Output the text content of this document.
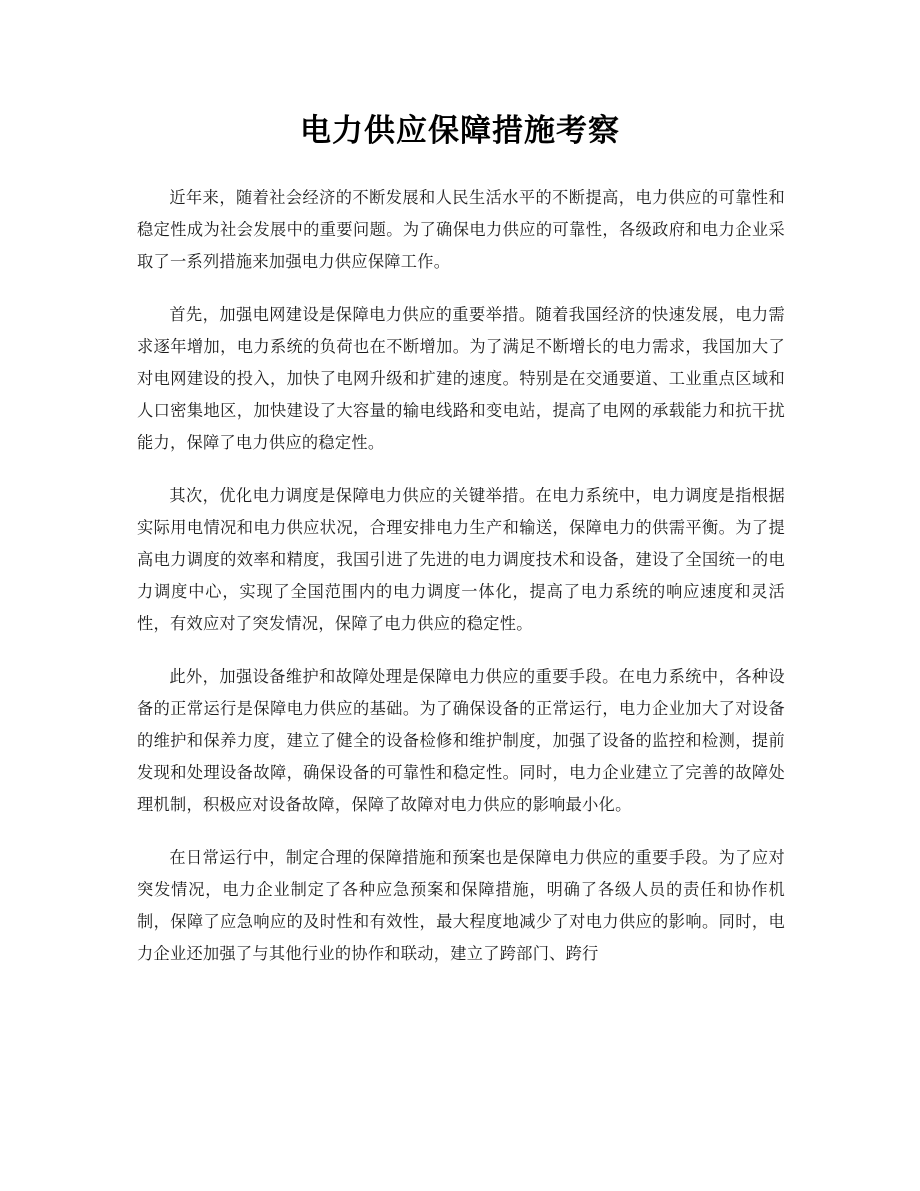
电力供应保障措施考察

近年来，随着社会经济的不断发展和人民生活水平的不断提高，电力供应的可靠性和稳定性成为社会发展中的重要问题。为了确保电力供应的可靠性，各级政府和电力企业采取了一系列措施来加强电力供应保障工作。

首先，加强电网建设是保障电力供应的重要举措。随着我国经济的快速发展，电力需求逐年增加，电力系统的负荷也在不断增加。为了满足不断增长的电力需求，我国加大了对电网建设的投入，加快了电网升级和扩建的速度。特别是在交通要道、工业重点区域和人口密集地区，加快建设了大容量的输电线路和变电站，提高了电网的承载能力和抗干扰能力，保障了电力供应的稳定性。

其次，优化电力调度是保障电力供应的关键举措。在电力系统中，电力调度是指根据实际用电情况和电力供应状况，合理安排电力生产和输送，保障电力的供需平衡。为了提高电力调度的效率和精度，我国引进了先进的电力调度技术和设备，建设了全国统一的电力调度中心，实现了全国范围内的电力调度一体化，提高了电力系统的响应速度和灵活性，有效应对了突发情况，保障了电力供应的稳定性。

此外，加强设备维护和故障处理是保障电力供应的重要手段。在电力系统中，各种设备的正常运行是保障电力供应的基础。为了确保设备的正常运行，电力企业加大了对设备的维护和保养力度，建立了健全的设备检修和维护制度，加强了设备的监控和检测，提前发现和处理设备故障，确保设备的可靠性和稳定性。同时，电力企业建立了完善的故障处理机制，积极应对设备故障，保障了故障对电力供应的影响最小化。

在日常运行中，制定合理的保障措施和预案也是保障电力供应的重要手段。为了应对突发情况，电力企业制定了各种应急预案和保障措施，明确了各级人员的责任和协作机制，保障了应急响应的及时性和有效性，最大程度地减少了对电力供应的影响。同时，电力企业还加强了与其他行业的协作和联动，建立了跨部门、跨行
